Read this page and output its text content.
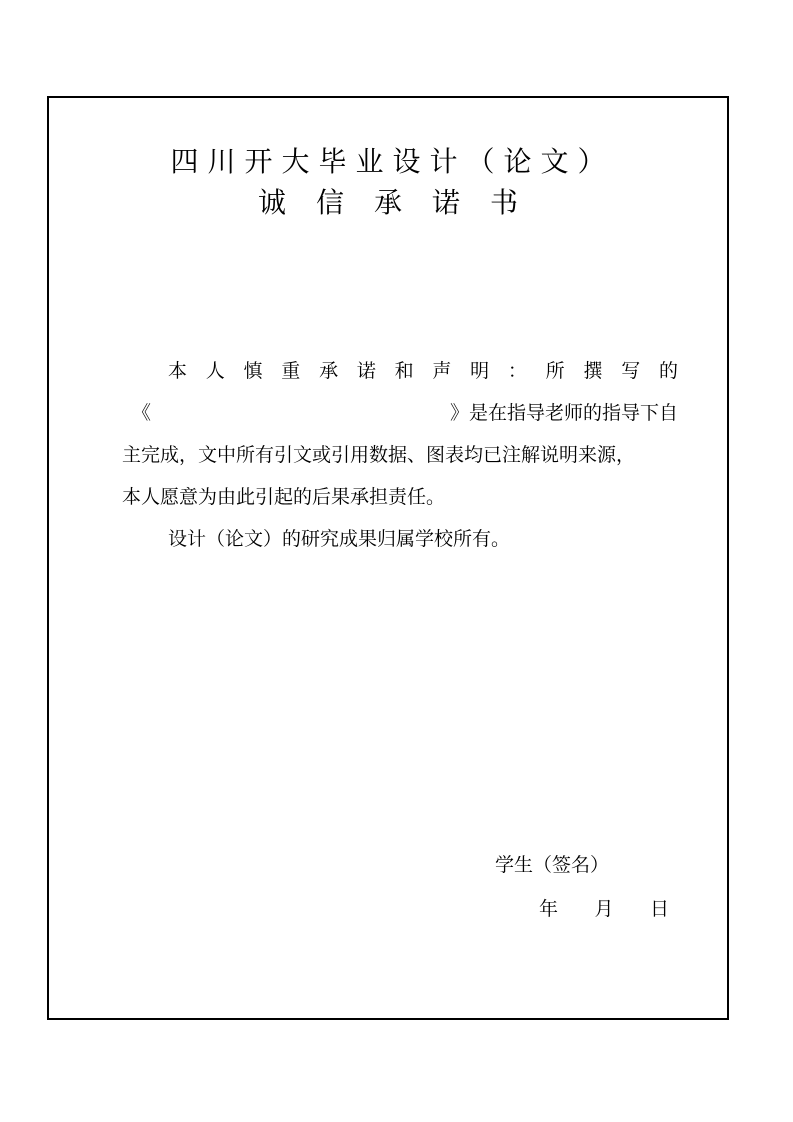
四川开大毕业设计（论文）
诚信承诺书
本 人 慎 重 承 诺 和 声 明 ： 所 撰 写 的
《	》是在指导老师的指导下自
主完成，文中所有引文或引用数据、图表均已注解说明来源，
本人愿意为由此引起的后果承担责任。
设计（论文）的研究成果归属学校所有。
学生（签名）
年 月 日
